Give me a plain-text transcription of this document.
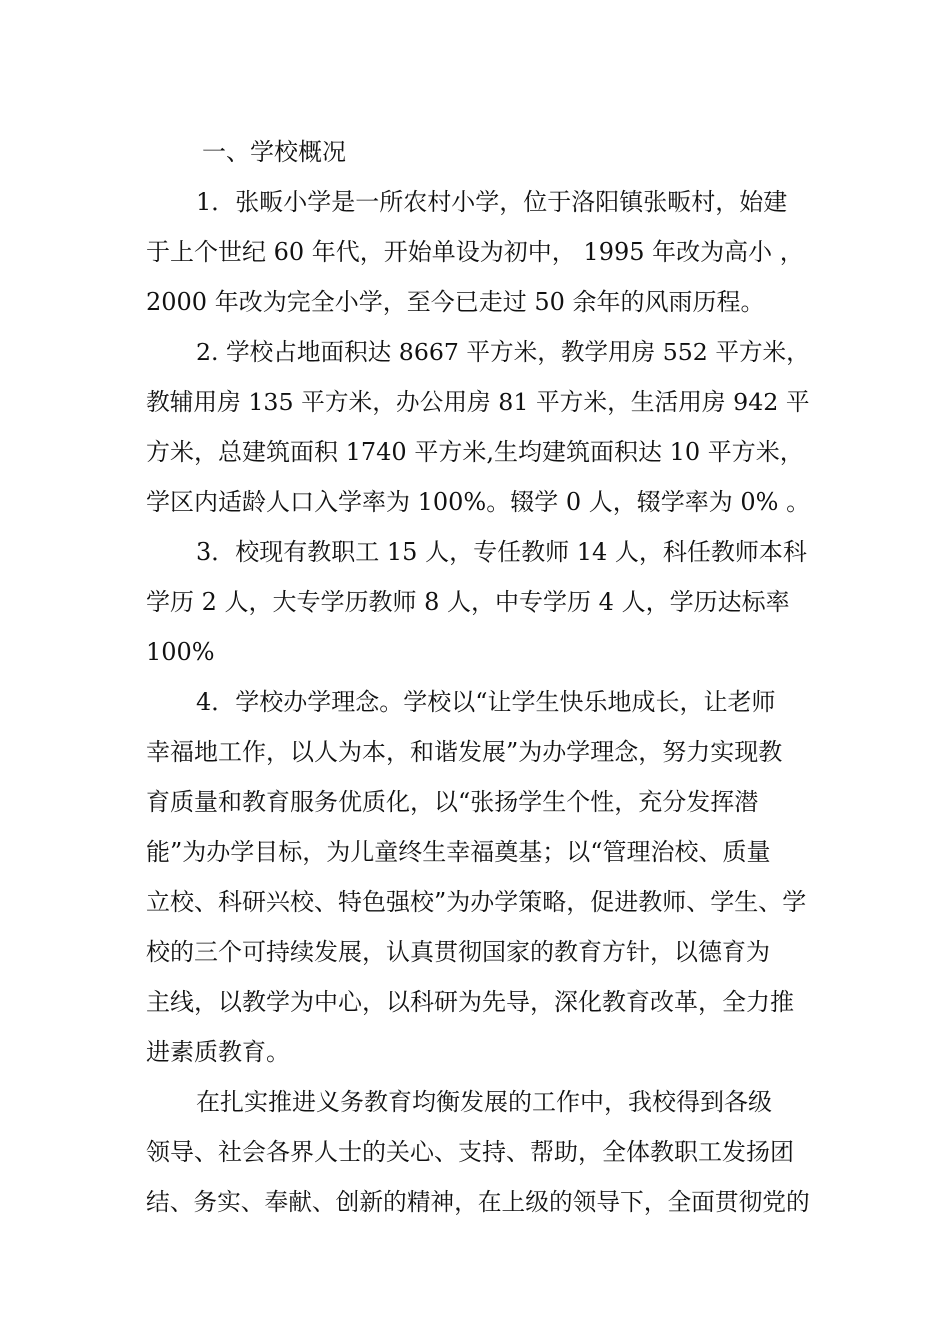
一、学校概况
1．张畈小学是一所农村小学，位于洛阳镇张畈村，始建
于上个世纪 60 年代，开始单设为初中， 1995 年改为高小 ，
2000 年改为完全小学，至今已走过 50 余年的风雨历程。
2. 学校占地面积达 8667 平方米，教学用房 552 平方米，
教辅用房 135 平方米，办公用房 81 平方米，生活用房 942 平
方米，总建筑面积 1740 平方米,生均建筑面积达 10 平方米，
学区内适龄人口入学率为 100%。辍学 0 人，辍学率为 0% 。
3．校现有教职工 15 人，专任教师 14 人，科任教师本科
学历 2 人，大专学历教师 8 人，中专学历 4 人，学历达标率
100%
4．学校办学理念。学校以“让学生快乐地成长，让老师
幸福地工作，以人为本，和谐发展”为办学理念，努力实现教
育质量和教育服务优质化，以“张扬学生个性，充分发挥潜
能”为办学目标，为儿童终生幸福奠基；以“管理治校、质量
立校、科研兴校、特色强校”为办学策略，促进教师、学生、学
校的三个可持续发展，认真贯彻国家的教育方针，以德育为
主线，以教学为中心，以科研为先导，深化教育改革，全力推
进素质教育。
在扎实推进义务教育均衡发展的工作中，我校得到各级
领导、社会各界人士的关心、支持、帮助，全体教职工发扬团
结、务实、奉献、创新的精神，在上级的领导下，全面贯彻党的
